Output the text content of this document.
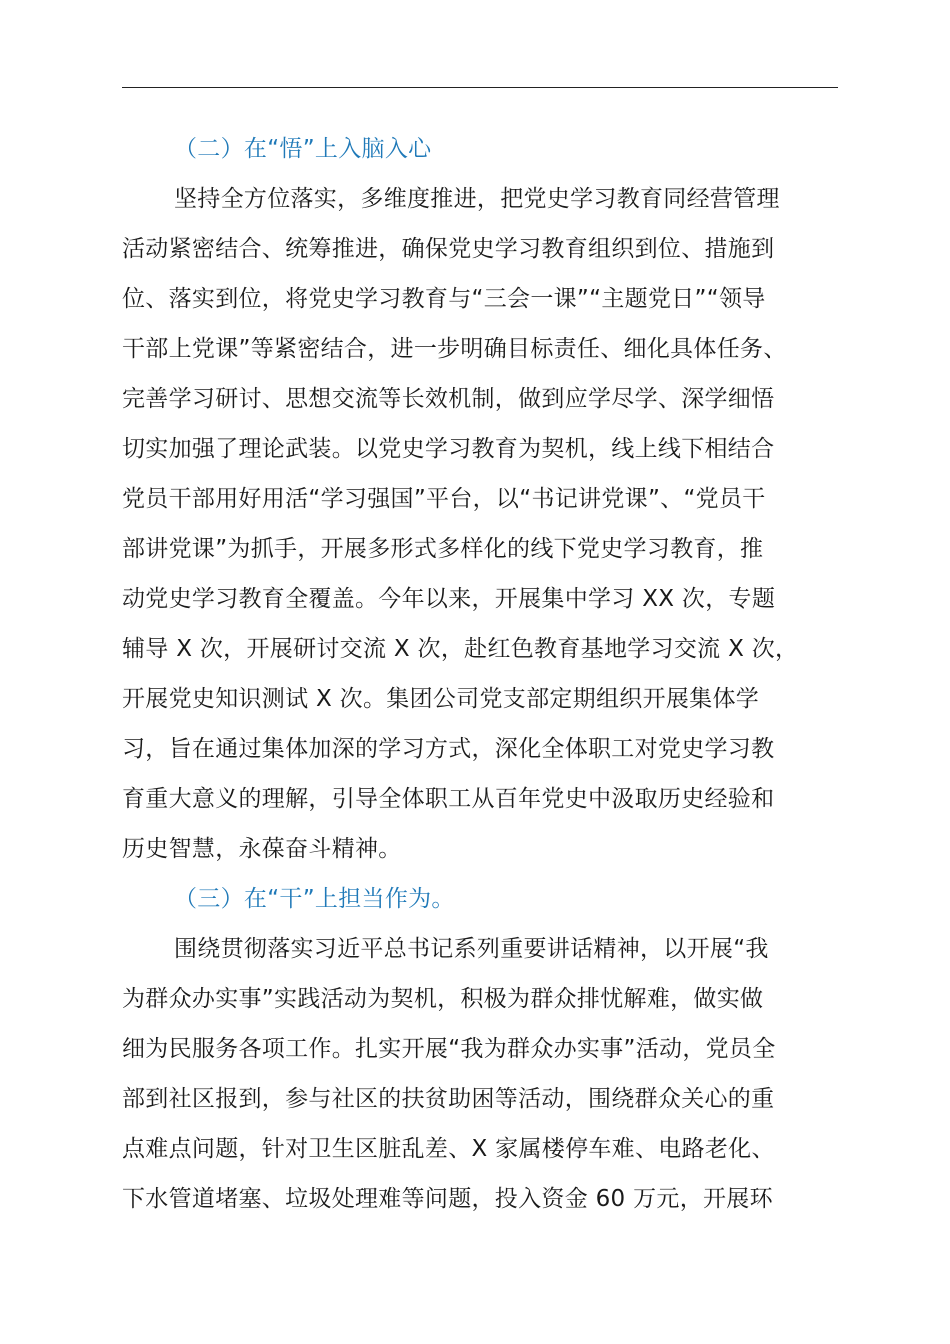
（二）在“悟”上入脑入心
坚持全方位落实，多维度推进，把党史学习教育同经营管理
活动紧密结合、统筹推进，确保党史学习教育组织到位、措施到
位、落实到位，将党史学习教育与“三会一课”“主题党日”“领导
干部上党课”等紧密结合，进一步明确目标责任、细化具体任务、
完善学习研讨、思想交流等长效机制，做到应学尽学、深学细悟
切实加强了理论武装。以党史学习教育为契机，线上线下相结合
党员干部用好用活“学习强国”平台，以“书记讲党课”、“党员干
部讲党课”为抓手，开展多形式多样化的线下党史学习教育，推
动党史学习教育全覆盖。今年以来，开展集中学习 XX 次，专题
辅导 X 次，开展研讨交流 X 次，赴红色教育基地学习交流 X 次，
开展党史知识测试 X 次。集团公司党支部定期组织开展集体学
习，旨在通过集体加深的学习方式，深化全体职工对党史学习教
育重大意义的理解，引导全体职工从百年党史中汲取历史经验和
历史智慧，永葆奋斗精神。
（三）在“干”上担当作为。
围绕贯彻落实习近平总书记系列重要讲话精神，以开展“我
为群众办实事”实践活动为契机，积极为群众排忧解难，做实做
细为民服务各项工作。扎实开展“我为群众办实事”活动，党员全
部到社区报到，参与社区的扶贫助困等活动，围绕群众关心的重
点难点问题，针对卫生区脏乱差、X 家属楼停车难、电路老化、
下水管道堵塞、垃圾处理难等问题，投入资金 60 万元，开展环
